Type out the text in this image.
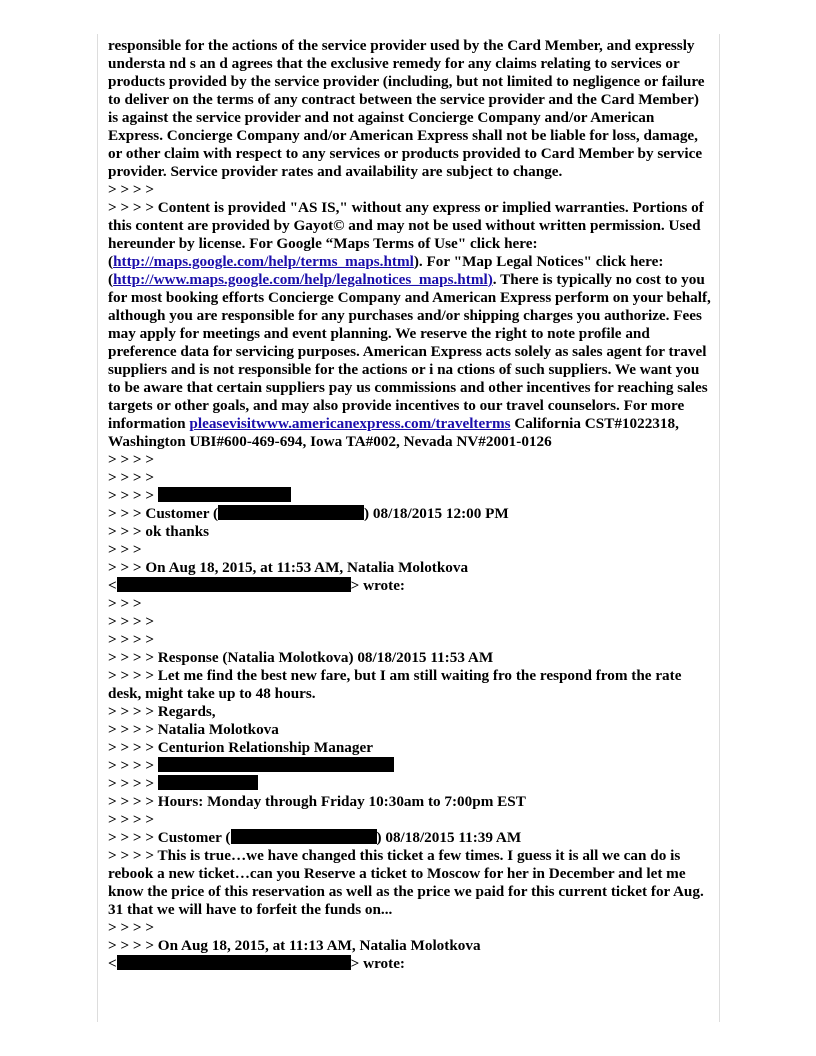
responsible for the actions of the service provider used by the Card Member, and expressly understa nd s an d agrees that the exclusive remedy for any claims relating to services or products provided by the service provider (including, but not limited to negligence or failure to deliver on the terms of any contract between the service provider and the Card Member) is against the service provider and not against Concierge Company and/or American Express. Concierge Company and/or American Express shall not be liable for loss, damage, or other claim with respect to any services or products provided to Card Member by service provider. Service provider rates and availability are subject to change.

> > > >

> > > > Content is provided "AS IS," without any express or implied warranties. Portions of this content are provided by Gayot© and may not be used without written permission. Used hereunder by license. For Google “Maps Terms of Use" click here: (http://maps.google.com/help/terms_maps.html). For "Map Legal Notices" click here: (http://www.maps.google.com/help/legalnotices_maps.html). There is typically no cost to you for most booking efforts Concierge Company and American Express perform on your behalf, although you are responsible for any purchases and/or shipping charges you authorize. Fees may apply for meetings and event planning. We reserve the right to note profile and preference data for servicing purposes. American Express acts solely as sales agent for travel suppliers and is not responsible for the actions or i na ctions of such suppliers. We want you to be aware that certain suppliers pay us commissions and other incentives for reaching sales targets or other goals, and may also provide incentives to our travel counselors. For more information pleasevisitwww.americanexpress.com/travelterms California CST#1022318, Washington UBI#600-469-694, Iowa TA#002, Nevada NV#2001-0126

> > > >

> > > >

> > > >

> > > Customer (	) 08/18/2015 12:00 PM

> > > ok thanks

> > >

> > > On Aug 18, 2015, at 11:53 AM, Natalia Molotkova

<	> wrote:

> > >

> > > >

> > > >

> > > > Response (Natalia Molotkova) 08/18/2015 11:53 AM

> > > > Let me find the best new fare, but I am still waiting fro the respond from the rate desk, might take up to 48 hours.

> > > > Regards,

> > > > Natalia Molotkova

> > > > Centurion Relationship Manager

> > > >

> > > >

> > > > Hours: Monday through Friday 10:30am to 7:00pm EST

> > > >

> > > > Customer (	) 08/18/2015 11:39 AM

> > > > This is true…we have changed this ticket a few times. I guess it is all we can do is rebook a new ticket…can you Reserve a ticket to Moscow for her in December and let me know the price of this reservation as well as the price we paid for this current ticket for Aug. 31 that we will have to forfeit the funds on...

> > > >

> > > > On Aug 18, 2015, at 11:13 AM, Natalia Molotkova

<	> wrote:
